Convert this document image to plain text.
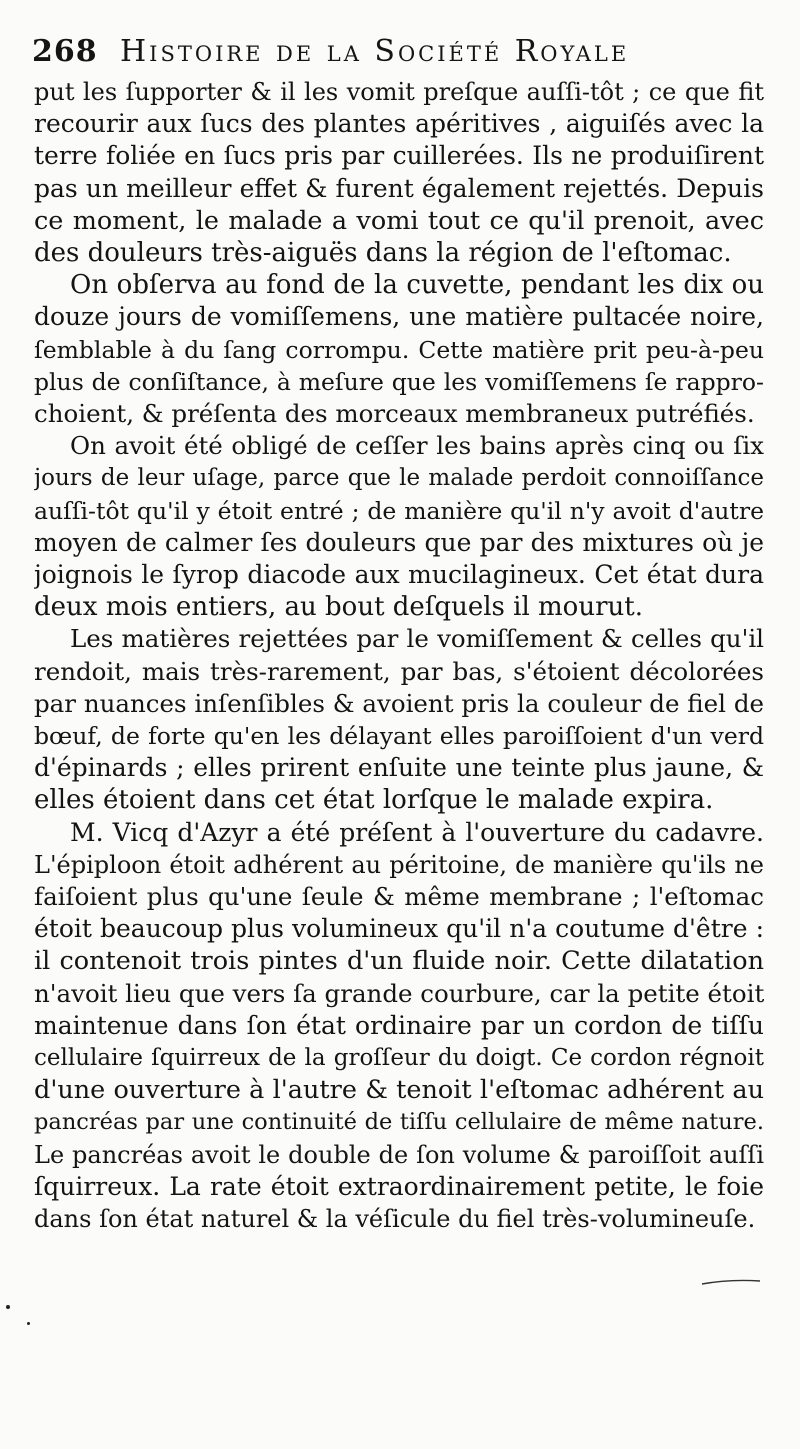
268 Histoire de la Société Royale
put les ſupporter & il les vomit preſque auſſi-tôt ; ce que fit
recourir aux ſucs des plantes apéritives , aiguiſés avec la
terre foliée en ſucs pris par cuillerées. Ils ne produiſirent
pas un meilleur effet & furent également rejettés. Depuis
ce moment, le malade a vomi tout ce qu'il prenoit, avec
des douleurs très-aiguës dans la région de l'eſtomac.
On obſerva au fond de la cuvette, pendant les dix ou
douze jours de vomiſſemens, une matière pultacée noire,
ſemblable à du ſang corrompu. Cette matière prit peu-à-peu
plus de conſiſtance, à meſure que les vomiſſemens ſe rappro-
choient, & préſenta des morceaux membraneux putréfiés.
On avoit été obligé de ceſſer les bains après cinq ou ſix
jours de leur uſage, parce que le malade perdoit connoiſſance
auſſi-tôt qu'il y étoit entré ; de manière qu'il n'y avoit d'autre
moyen de calmer ſes douleurs que par des mixtures où je
joignois le ſyrop diacode aux mucilagineux. Cet état dura
deux mois entiers, au bout deſquels il mourut.
Les matières rejettées par le vomiſſement & celles qu'il
rendoit, mais très-rarement, par bas, s'étoient décolorées
par nuances inſenſibles & avoient pris la couleur de fiel de
bœuf, de forte qu'en les délayant elles paroiſſoient d'un verd
d'épinards ; elles prirent enſuite une teinte plus jaune, &
elles étoient dans cet état lorſque le malade expira.
M. Vicq d'Azyr a été préſent à l'ouverture du cadavre.
L'épiploon étoit adhérent au péritoine, de manière qu'ils ne
faiſoient plus qu'une ſeule & même membrane ; l'eſtomac
étoit beaucoup plus volumineux qu'il n'a coutume d'être :
il contenoit trois pintes d'un fluide noir. Cette dilatation
n'avoit lieu que vers ſa grande courbure, car la petite étoit
maintenue dans ſon état ordinaire par un cordon de tiſſu
cellulaire ſquirreux de la groſſeur du doigt. Ce cordon régnoit
d'une ouverture à l'autre & tenoit l'eſtomac adhérent au
pancréas par une continuité de tiſſu cellulaire de même nature.
Le pancréas avoit le double de ſon volume & paroiſſoit auſſi
ſquirreux. La rate étoit extraordinairement petite, le foie
dans ſon état naturel & la véſicule du fiel très-volumineuſe.
